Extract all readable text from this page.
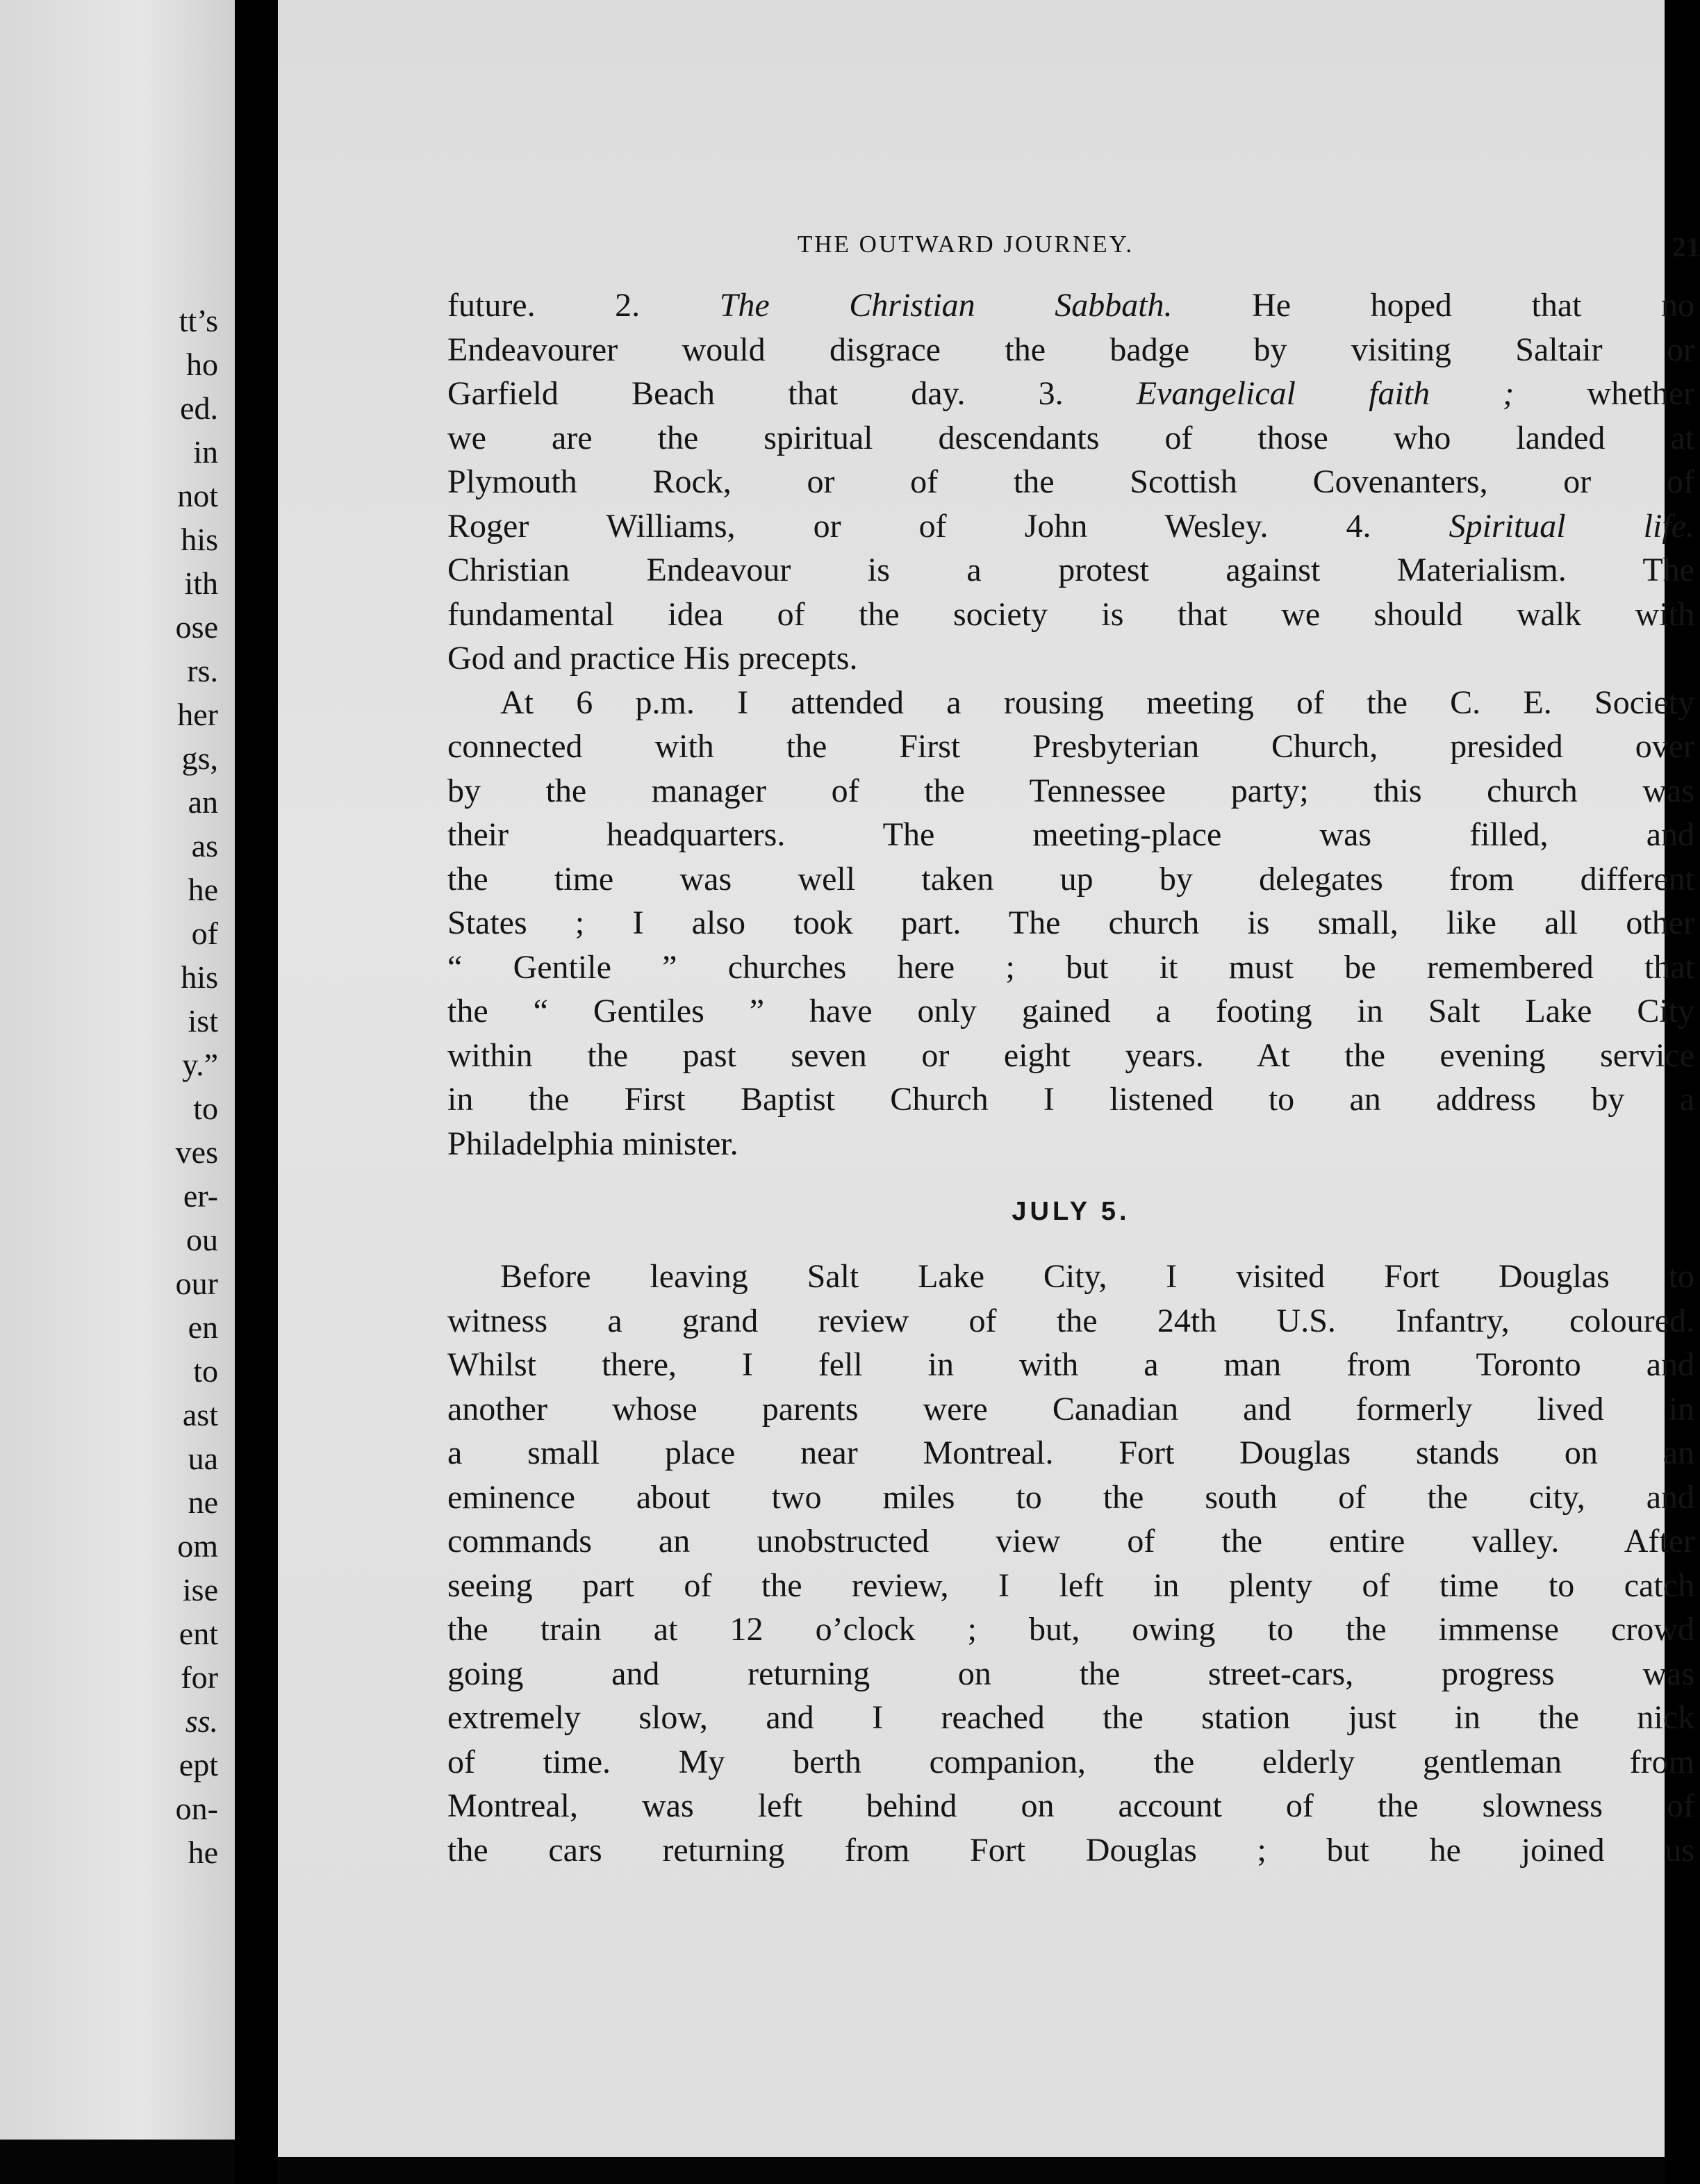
tt’s
ho
ed.
in
not
his
ith
ose
rs.
her
gs,
an
as
he
of
his
ist
y.”
to
ves
er-
ou
our
en
to
ast
ua
ne
om
ise
ent
for
ss.
ept
on-
he
THE OUTWARD JOURNEY.	21

future. 2. The Christian Sabbath. He hoped that no
Endeavourer would disgrace the badge by visiting Saltair or
Garfield Beach that day. 3. Evangelical faith ; whether
we are the spiritual descendants of those who landed at
Plymouth Rock, or of the Scottish Covenanters, or of
Roger Williams, or of John Wesley. 4. Spiritual life.
Christian Endeavour is a protest against Materialism. The
fundamental idea of the society is that we should walk with
God and practice His precepts.

At 6 p.m. I attended a rousing meeting of the C. E. Society
connected with the First Presbyterian Church, presided over
by the manager of the Tennessee party; this church was
their headquarters. The meeting-place was filled, and
the time was well taken up by delegates from different
States ; I also took part. The church is small, like all other
“ Gentile ” churches here ; but it must be remembered that
the “ Gentiles ” have only gained a footing in Salt Lake City
within the past seven or eight years. At the evening service
in the First Baptist Church I listened to an address by a
Philadelphia minister.

JULY 5.

Before leaving Salt Lake City, I visited Fort Douglas to
witness a grand review of the 24th U.S. Infantry, coloured.
Whilst there, I fell in with a man from Toronto and
another whose parents were Canadian and formerly lived in
a small place near Montreal. Fort Douglas stands on an
eminence about two miles to the south of the city, and
commands an unobstructed view of the entire valley. After
seeing part of the review, I left in plenty of time to catch
the train at 12 o’clock ; but, owing to the immense crowd
going and returning on the street-cars, progress was
extremely slow, and I reached the station just in the nick
of time. My berth companion, the elderly gentleman from
Montreal, was left behind on account of the slowness of
the cars returning from Fort Douglas ; but he joined us
